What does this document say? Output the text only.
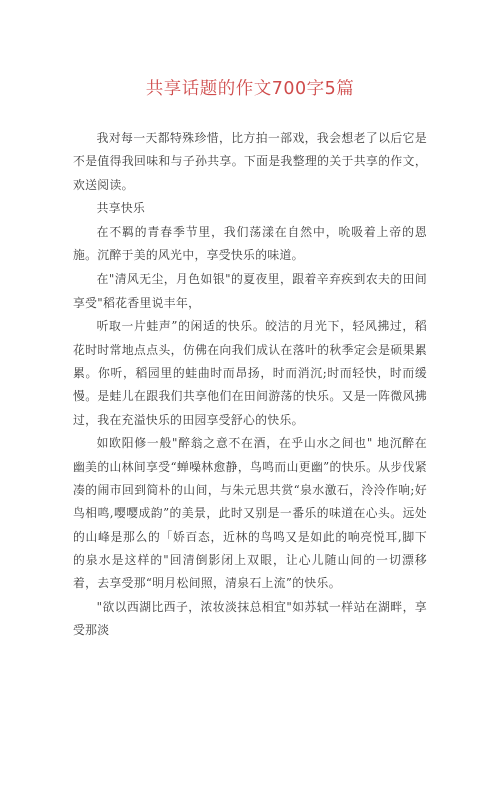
共享话题的作文700字5篇

我对每一天都特殊珍惜，比方拍一部戏，我会想老了以后它是不是值得我回味和与子孙共享。下面是我整理的关于共享的作文，欢送阅读。

共享快乐

在不羁的青春季节里，我们荡漾在自然中，吮吸着上帝的恩施。沉醉于美的风光中，享受快乐的味道。

在"清风无尘，月色如银"的夏夜里，跟着辛弃疾到农夫的田间享受"稻花香里说丰年，

听取一片蛙声”的闲适的快乐。皎洁的月光下，轻风拂过，稻花时时常地点点头，仿佛在向我们成认在落叶的秋季定会是硕果累累。你听，稻园里的蛙曲时而昂扬，时而消沉;时而轻快，时而缓慢。是蛙儿在跟我们共享他们在田间游荡的快乐。又是一阵微风拂过，我在充溢快乐的田园享受舒心的快乐。

如欧阳修一般"醉翁之意不在酒，在乎山水之间也" 地沉醉在幽美的山林间享受“蝉噪林愈静，鸟鸣而山更幽”的快乐。从步伐紧凑的闹市回到简朴的山间，与朱元思共赏“泉水激石，泠泠作响;好鸟相鸣,嘤嘤成韵”的美景，此时又别是一番乐的味道在心头。远处的山峰是那么的「娇百态，近林的鸟鸣又是如此的响亮悦耳,脚下的泉水是这样的"回清倒影闭上双眼，让心儿随山间的一切漂移着，去享受那“明月松间照，清泉石上流”的快乐。

"欲以西湖比西子，浓妆淡抹总相宜"如苏轼一样站在湖畔，享受那淡
